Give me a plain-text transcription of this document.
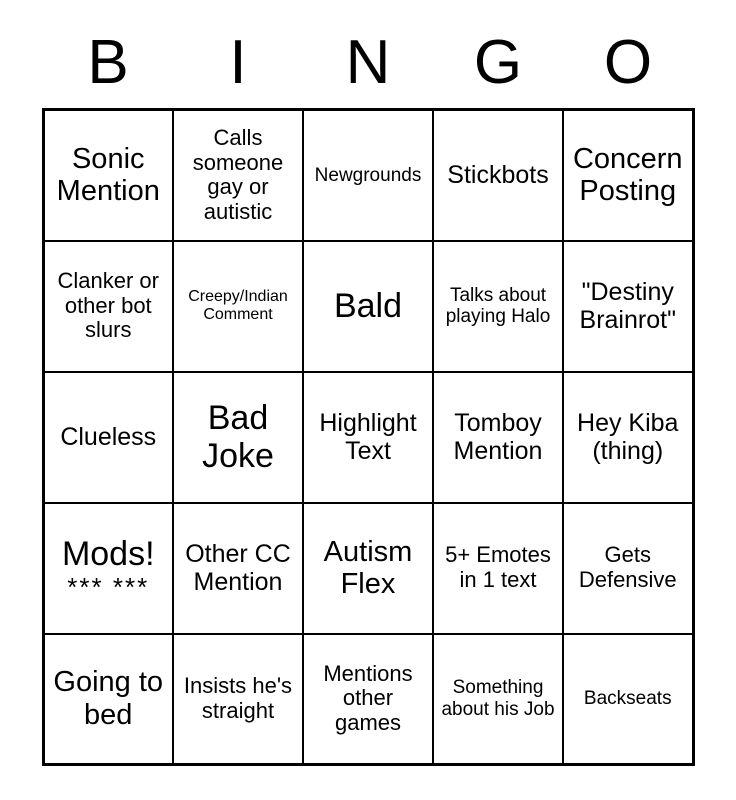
B	I	N	G	O
Sonic Mention	Calls someone gay or autistic	Newgrounds	Stickbots	Concern Posting

Clanker or other bot slurs	Creepy/Indian Comment	Bald	Talks about playing Halo	"Destiny Brainrot"

Clueless	Bad Joke	Highlight Text	Tomboy Mention	Hey Kiba (thing)

Mods!
*** ***	Other CC Mention	Autism Flex	5+ Emotes in 1 text	Gets Defensive

Going to bed	Insists he's straight	Mentions other games	Something about his Job	Backseats
